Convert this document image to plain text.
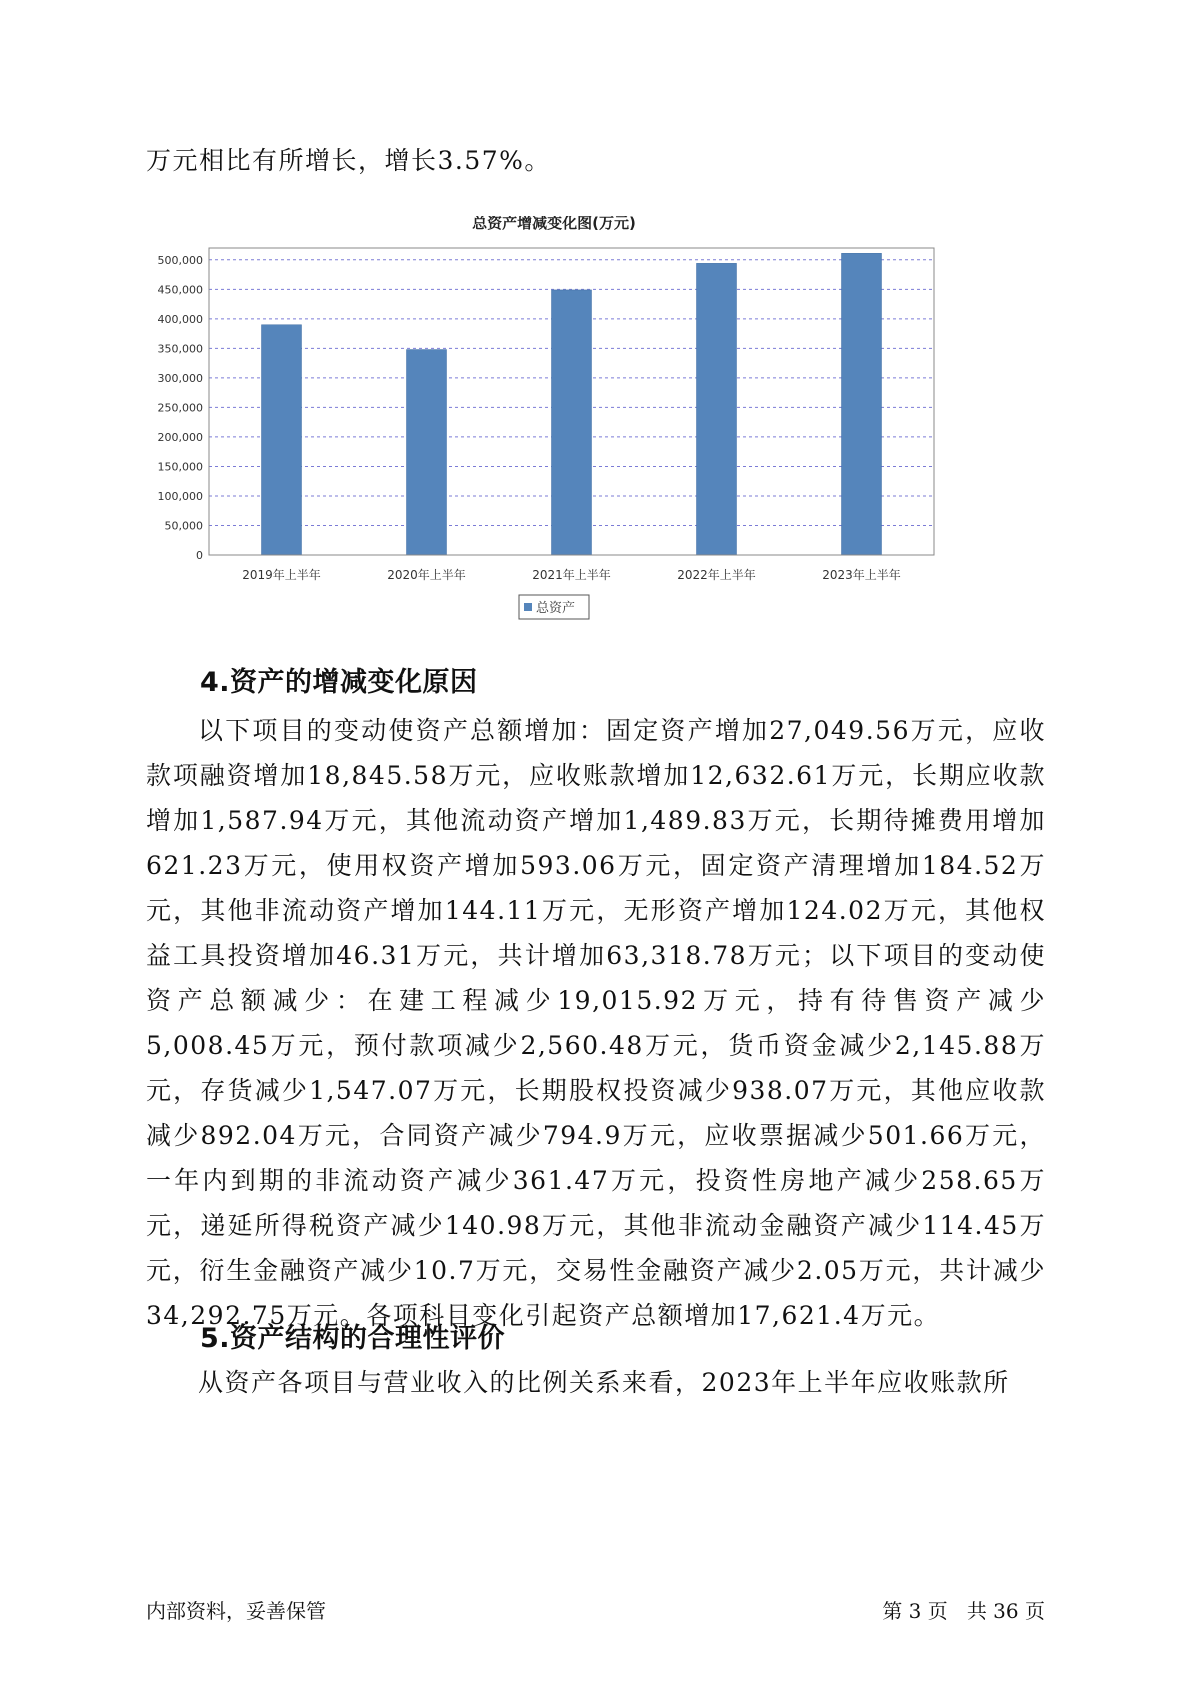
万元相比有所增长，增长3.57%。

总资产增减变化图(万元)
0
50,000
100,000
150,000
200,000
250,000
300,000
350,000
400,000
450,000
500,000
2019年上半年	2020年上半年	2021年上半年	2022年上半年	2023年上半年
总资产
4.资产的增减变化原因

以下项目的变动使资产总额增加：固定资产增加27,049.56万元，应收款项融资增加18,845.58万元，应收账款增加12,632.61万元，长期应收款增加1,587.94万元，其他流动资产增加1,489.83万元，长期待摊费用增加621.23万元，使用权资产增加593.06万元，固定资产清理增加184.52万元，其他非流动资产增加144.11万元，无形资产增加124.02万元，其他权益工具投资增加46.31万元，共计增加63,318.78万元；以下项目的变动使资产总额减少：在建工程减少19,015.92万元，持有待售资产减少5,008.45万元，预付款项减少2,560.48万元，货币资金减少2,145.88万元，存货减少1,547.07万元，长期股权投资减少938.07万元，其他应收款减少892.04万元，合同资产减少794.9万元，应收票据减少501.66万元，一年内到期的非流动资产减少361.47万元，投资性房地产减少258.65万元，递延所得税资产减少140.98万元，其他非流动金融资产减少114.45万元，衍生金融资产减少10.7万元，交易性金融资产减少2.05万元，共计减少34,292.75万元。各项科目变化引起资产总额增加17,621.4万元。

5.资产结构的合理性评价

从资产各项目与营业收入的比例关系来看，2023年上半年应收账款所

内部资料，妥善保管	第 3 页   共 36 页
